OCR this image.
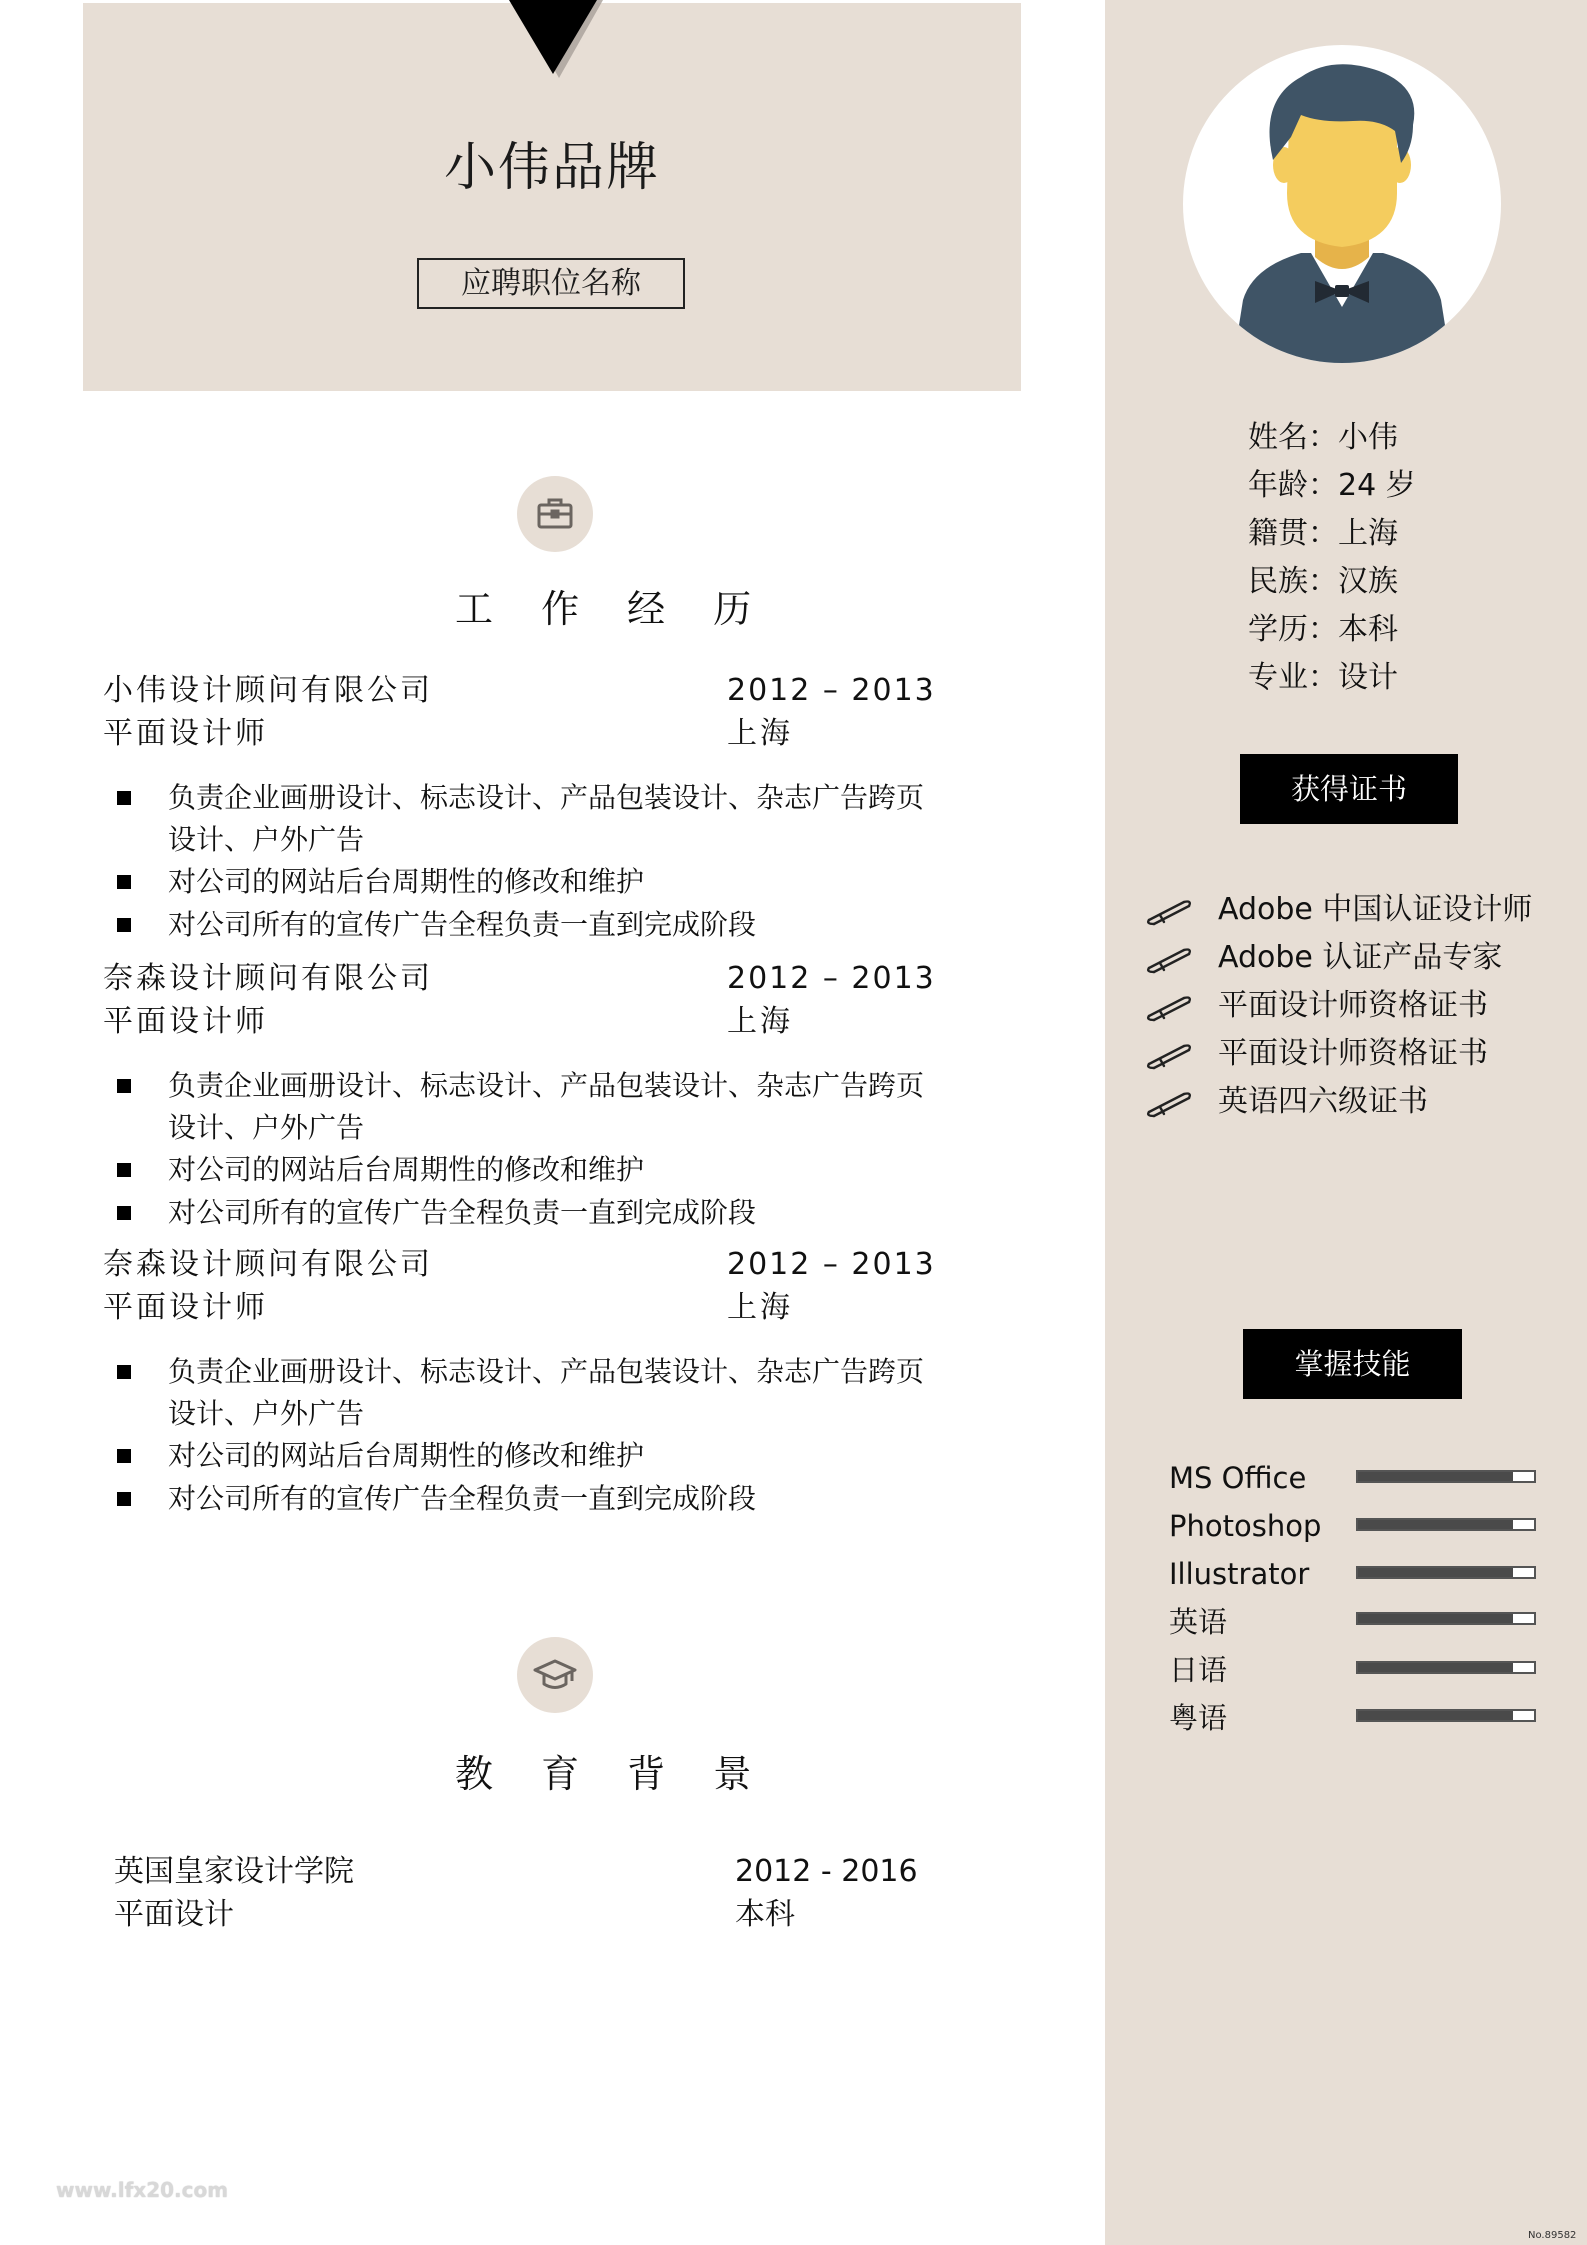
小伟品牌
应聘职位名称
姓名：小伟
年龄：24 岁
籍贯：上海
民族：汉族
学历：本科
专业：设计
获得证书
Adobe 中国认证设计师
Adobe 认证产品专家
平面设计师资格证书
平面设计师资格证书
英语四六级证书
掌握技能
MS Office
Photoshop
Illustrator
英语
日语
粤语
工 作 经 历
小伟设计顾问有限公司	2012 – 2013
平面设计师	上海
负责企业画册设计、标志设计、产品包装设计、杂志广告跨页设计、户外广告
对公司的网站后台周期性的修改和维护
对公司所有的宣传广告全程负责一直到完成阶段
奈森设计顾问有限公司	2012 – 2013
平面设计师	上海
负责企业画册设计、标志设计、产品包装设计、杂志广告跨页设计、户外广告
对公司的网站后台周期性的修改和维护
对公司所有的宣传广告全程负责一直到完成阶段
奈森设计顾问有限公司	2012 – 2013
平面设计师	上海
负责企业画册设计、标志设计、产品包装设计、杂志广告跨页设计、户外广告
对公司的网站后台周期性的修改和维护
对公司所有的宣传广告全程负责一直到完成阶段
教 育 背 景
英国皇家设计学院	2012 - 2016
平面设计	本科
www.lfx20.com
No.89582
